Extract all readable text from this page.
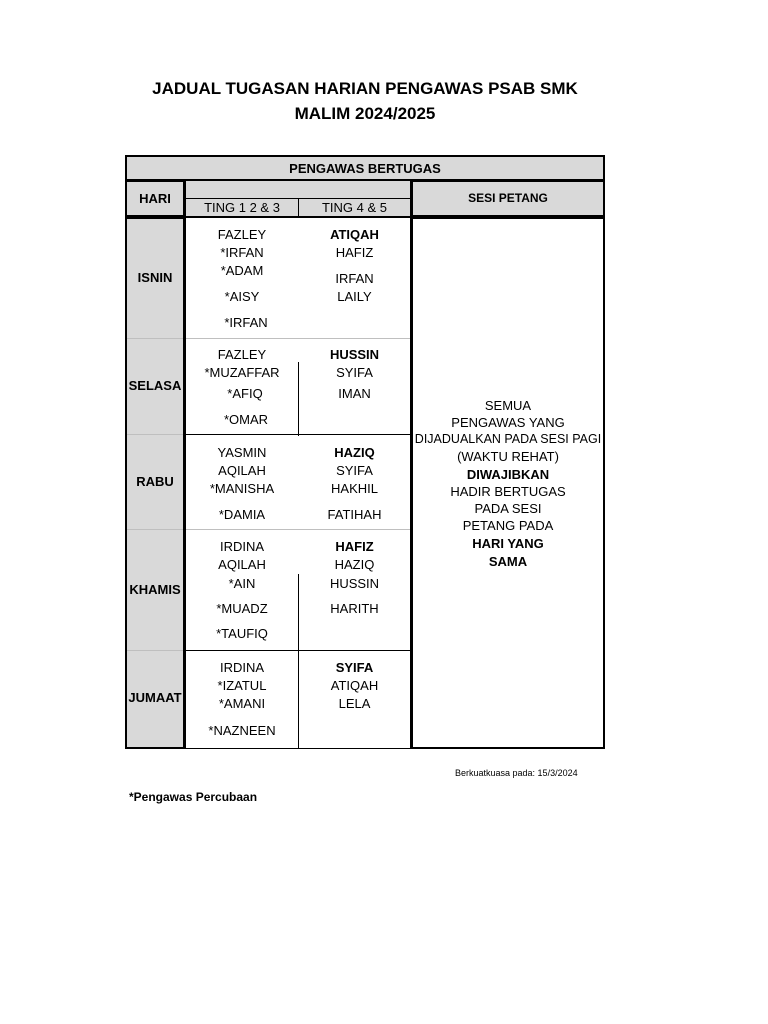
JADUAL TUGASAN HARIAN PENGAWAS PSAB SMK
MALIM 2024/2025
PENGAWAS BERTUGAS
HARI
TING 1 2 & 3	TING 4 & 5
SESI PETANG
ISNIN
SELASA
RABU
KHAMIS
JUMAAT
FAZLEY
*IRFAN
*ADAM
*AISY
*IRFAN
ATIQAH
HAFIZ
IRFAN
LAILY
FAZLEY
*MUZAFFAR
*AFIQ
*OMAR
HUSSIN
SYIFA
IMAN
YASMIN
AQILAH
*MANISHA
*DAMIA
HAZIQ
SYIFA
HAKHIL
FATIHAH
IRDINA
AQILAH
*AIN
*MUADZ
*TAUFIQ
HAFIZ
HAZIQ
HUSSIN
HARITH
IRDINA
*IZATUL
*AMANI
*NAZNEEN
SYIFA
ATIQAH
LELA
SEMUA
PENGAWAS YANG
DIJADUALKAN PADA SESI PAGI
(WAKTU REHAT)
DIWAJIBKAN
HADIR BERTUGAS
PADA SESI
PETANG PADA
HARI YANG
SAMA
Berkuatkuasa pada: 15/3/2024
*Pengawas Percubaan
